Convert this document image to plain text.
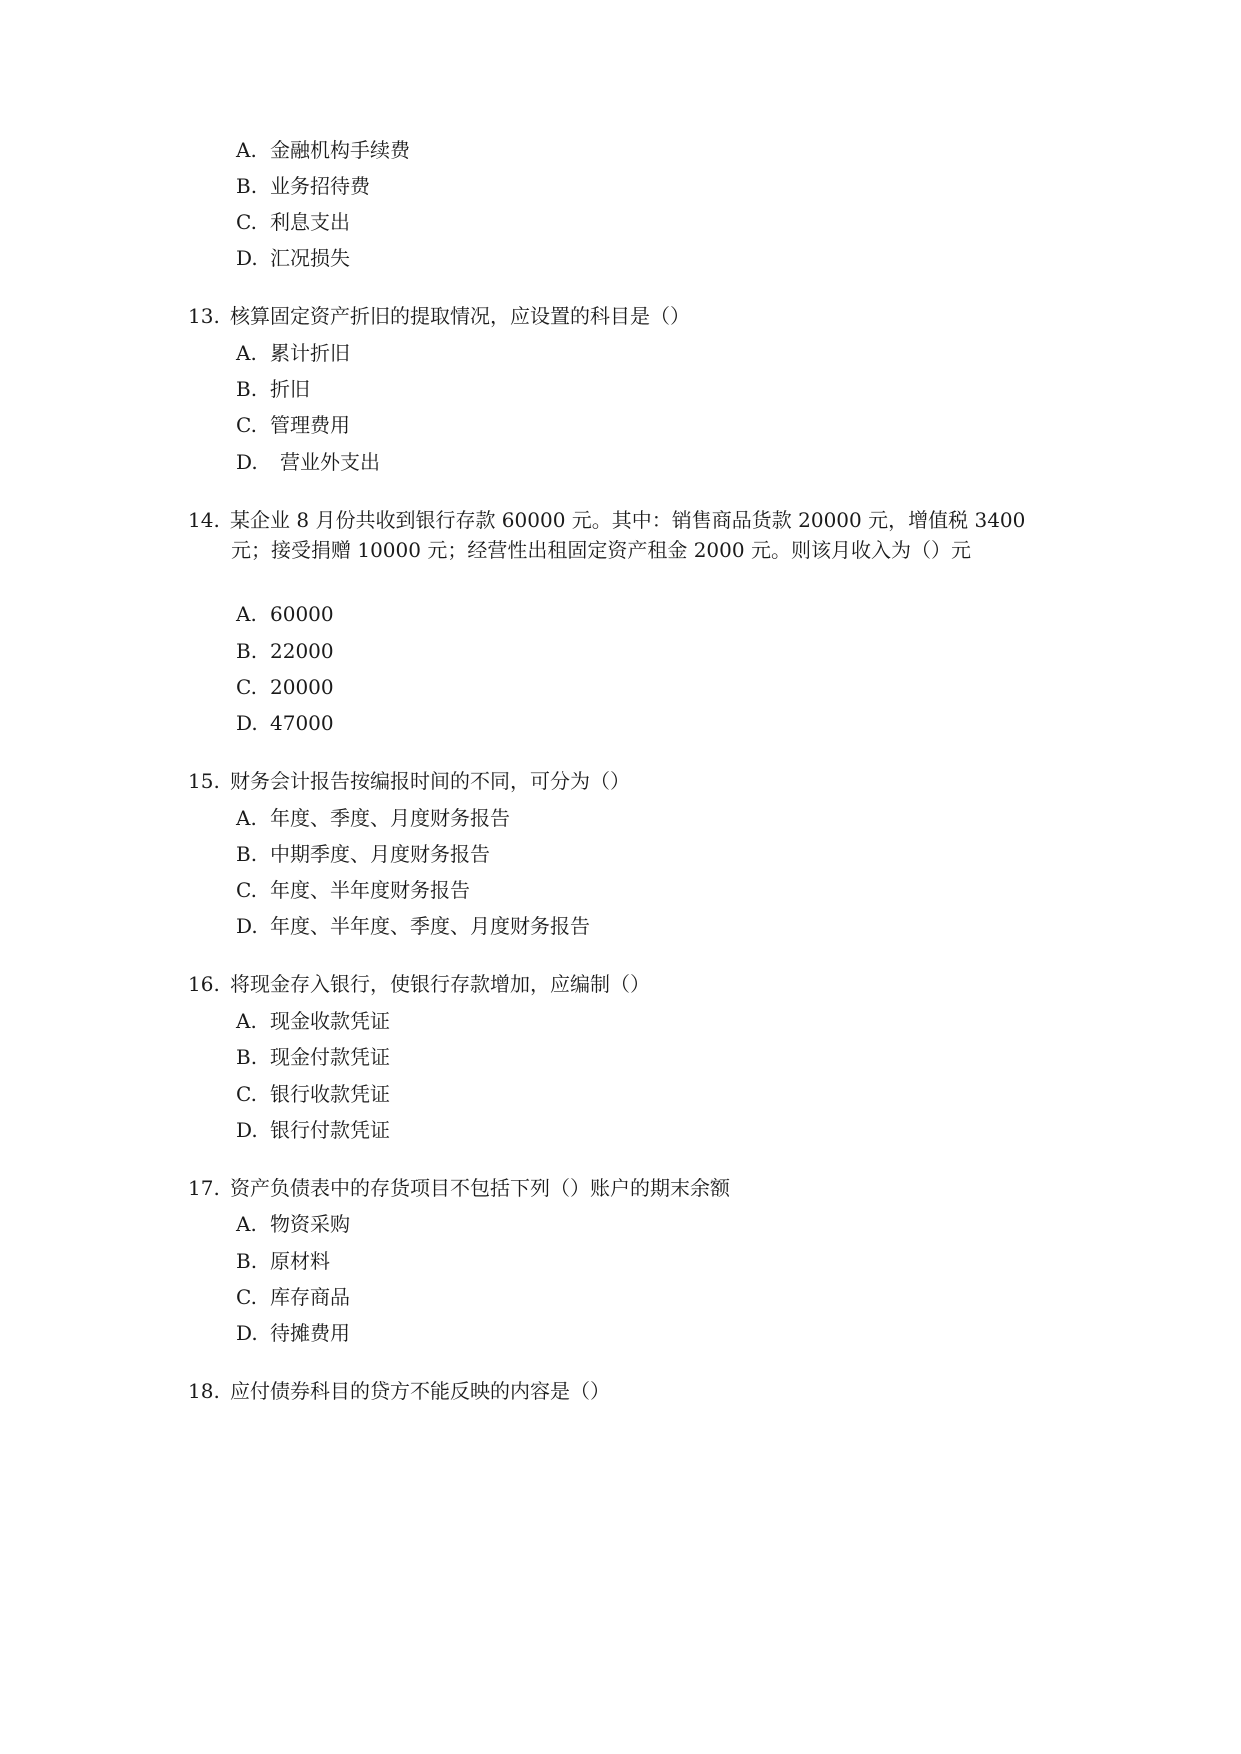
A. 金融机构手续费
B. 业务招待费
C. 利息支出
D. 汇况损失
13. 核算固定资产折旧的提取情况，应设置的科目是（）
A. 累计折旧
B. 折旧
C. 管理费用
D. 营业外支出
14. 某企业 8 月份共收到银行存款 60000 元。其中：销售商品货款 20000 元，增值税 3400
元；接受捐赠 10000 元；经营性出租固定资产租金 2000 元。则该月收入为（）元
A. 60000
B. 22000
C. 20000
D. 47000
15. 财务会计报告按编报时间的不同，可分为（）
A. 年度、季度、月度财务报告
B. 中期季度、月度财务报告
C. 年度、半年度财务报告
D. 年度、半年度、季度、月度财务报告
16. 将现金存入银行，使银行存款增加，应编制（）
A. 现金收款凭证
B. 现金付款凭证
C. 银行收款凭证
D. 银行付款凭证
17. 资产负债表中的存货项目不包括下列（）账户的期末余额
A. 物资采购
B. 原材料
C. 库存商品
D. 待摊费用
18. 应付债券科目的贷方不能反映的内容是（）
